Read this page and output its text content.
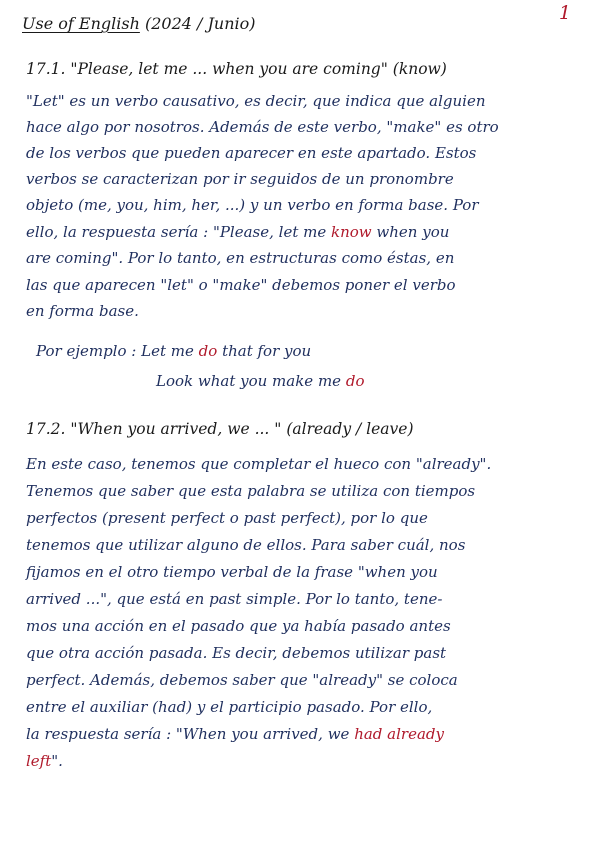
1
Use of English (2024 / Junio)
17.1. "Please, let me ... when you are coming" (know)
"Let" es un verbo causativo, es decir, que indica que alguien
hace algo por nosotros. Además de este verbo, "make" es otro
de los verbos que pueden aparecer en este apartado. Estos
verbos se caracterizan por ir seguidos de un pronombre
objeto (me, you, him, her, ...) y un verbo en forma base. Por
ello, la respuesta sería : "Please, let me know when you
are coming". Por lo tanto, en estructuras como éstas, en
las que aparecen "let" o "make" debemos poner el verbo
en forma base.
Por ejemplo : Let me do that for you
Look what you make me do
17.2. "When you arrived, we ... " (already / leave)
En este caso, tenemos que completar el hueco con "already".
Tenemos que saber que esta palabra se utiliza con tiempos
perfectos (present perfect o past perfect), por lo que
tenemos que utilizar alguno de ellos. Para saber cuál, nos
fijamos en el otro tiempo verbal de la frase "when you
arrived ...", que está en past simple. Por lo tanto, tene-
mos una acción en el pasado que ya había pasado antes
que otra acción pasada. Es decir, debemos utilizar past
perfect. Además, debemos saber que "already" se coloca
entre el auxiliar (had) y el participio pasado. Por ello,
la respuesta sería : "When you arrived, we had already
left".
